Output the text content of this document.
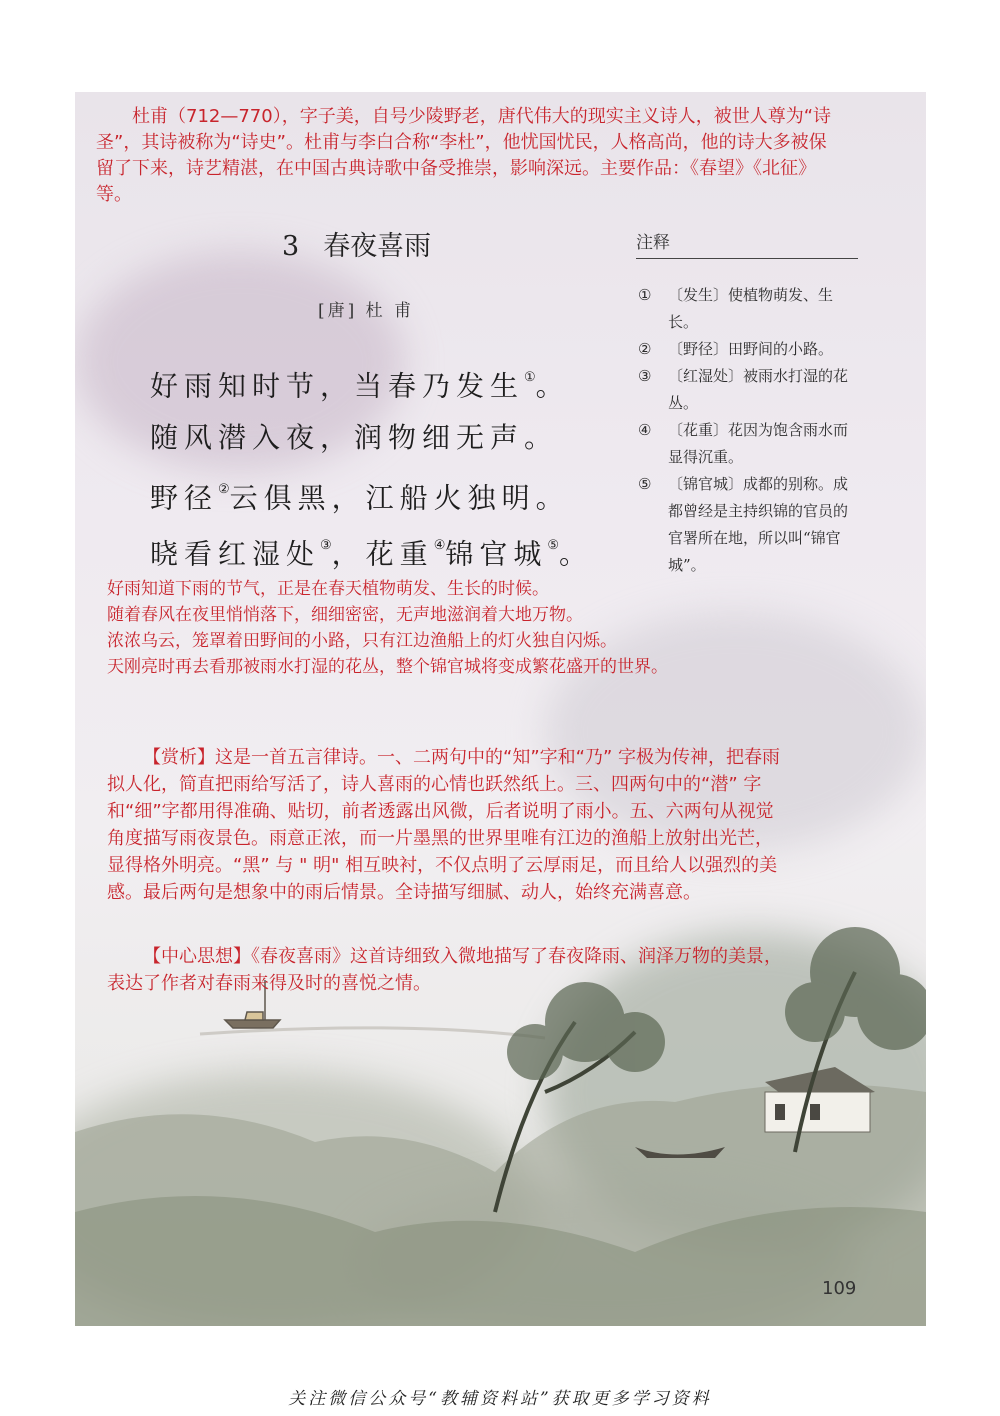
杜甫（712—770），字子美，自号少陵野老，唐代伟大的现实主义诗人，被世人尊为“诗圣”，其诗被称为“诗史”。杜甫与李白合称“李杜”，他忧国忧民，人格高尚，他的诗大多被保留了下来，诗艺精湛，在中国古典诗歌中备受推崇，影响深远。主要作品：《春望》《北征》等。
3 春夜喜雨
[唐] 杜 甫
好雨知时节，当春乃发生①。
随风潜入夜，润物细无声。
野径②云俱黑，江船火独明。
晓看红湿处③，花重④锦官城⑤。
注释
① 〔发生〕使植物萌发、生长。
② 〔野径〕田野间的小路。
③ 〔红湿处〕被雨水打湿的花丛。
④ 〔花重〕花因为饱含雨水而显得沉重。
⑤ 〔锦官城〕成都的别称。成都曾经是主持织锦的官员的官署所在地，所以叫“锦官城”。
好雨知道下雨的节气，正是在春天植物萌发、生长的时候。
随着春风在夜里悄悄落下，细细密密，无声地滋润着大地万物。
浓浓乌云，笼罩着田野间的小路，只有江边渔船上的灯火独自闪烁。
天刚亮时再去看那被雨水打湿的花丛，整个锦官城将变成繁花盛开的世界。
【赏析】这是一首五言律诗。一、二两句中的“知”字和“乃” 字极为传神，把春雨拟人化，简直把雨给写活了，诗人喜雨的心情也跃然纸上。三、四两句中的“潜” 字和“细”字都用得准确、贴切，前者透露出风微，后者说明了雨小。五、六两句从视觉角度描写雨夜景色。雨意正浓，而一片墨黑的世界里唯有江边的渔船上放射出光芒，显得格外明亮。“黑” 与 " 明" 相互映衬，不仅点明了云厚雨足，而且给人以强烈的美感。最后两句是想象中的雨后情景。全诗描写细腻、动人，始终充满喜意。
【中心思想】《春夜喜雨》这首诗细致入微地描写了春夜降雨、润泽万物的美景，表达了作者对春雨来得及时的喜悦之情。
109
关注微信公众号“教辅资料站”获取更多学习资料
